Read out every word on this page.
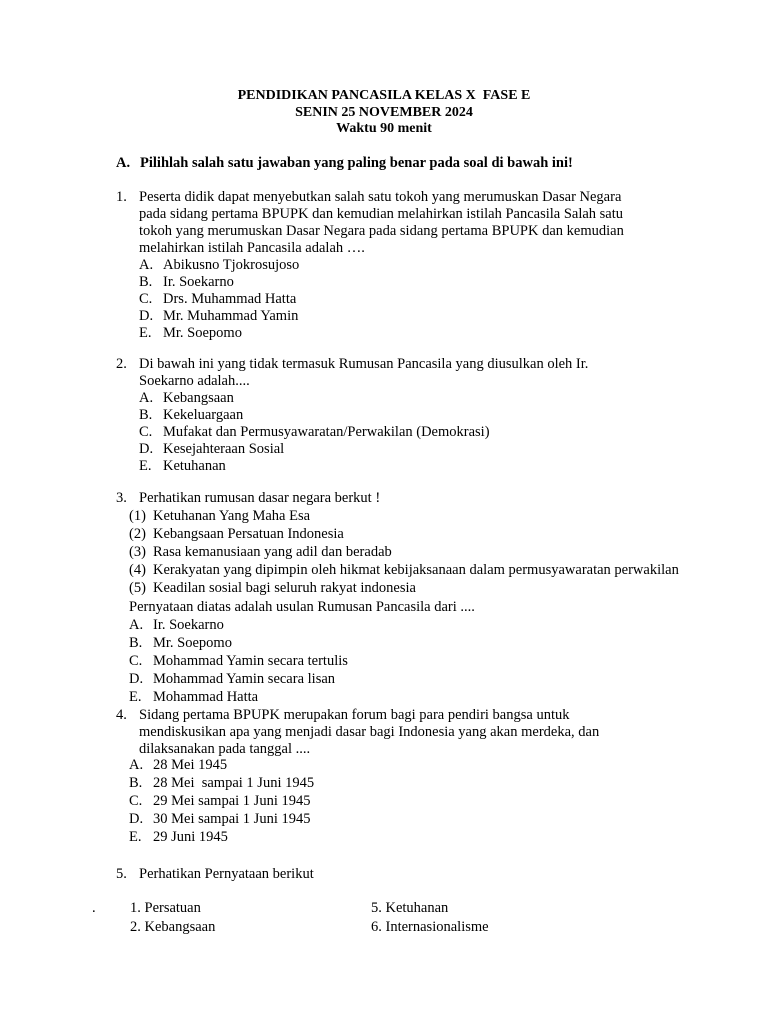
PENDIDIKAN PANCASILA KELAS X  FASE E
SENIN 25 NOVEMBER 2024
Waktu 90 menit
A. Pilihlah salah satu jawaban yang paling benar pada soal di bawah ini!
1. Peserta didik dapat menyebutkan salah satu tokoh yang merumuskan Dasar Negara
pada sidang pertama BPUPK dan kemudian melahirkan istilah Pancasila Salah satu
tokoh yang merumuskan Dasar Negara pada sidang pertama BPUPK dan kemudian
melahirkan istilah Pancasila adalah ….
A. Abikusno Tjokrosujoso
B. Ir. Soekarno
C. Drs. Muhammad Hatta
D. Mr. Muhammad Yamin
E. Mr. Soepomo
2. Di bawah ini yang tidak termasuk Rumusan Pancasila yang diusulkan oleh Ir.
Soekarno adalah....
A. Kebangsaan
B. Kekeluargaan
C. Mufakat dan Permusyawaratan/Perwakilan (Demokrasi)
D. Kesejahteraan Sosial
E. Ketuhanan
3. Perhatikan rumusan dasar negara berkut !
(1) Ketuhanan Yang Maha Esa
(2) Kebangsaan Persatuan Indonesia
(3) Rasa kemanusiaan yang adil dan beradab
(4) Kerakyatan yang dipimpin oleh hikmat kebijaksanaan dalam permusyawaratan perwakilan
(5) Keadilan sosial bagi seluruh rakyat indonesia
Pernyataan diatas adalah usulan Rumusan Pancasila dari ....
A. Ir. Soekarno
B. Mr. Soepomo
C. Mohammad Yamin secara tertulis
D. Mohammad Yamin secara lisan
E. Mohammad Hatta
4. Sidang pertama BPUPK merupakan forum bagi para pendiri bangsa untuk
mendiskusikan apa yang menjadi dasar bagi Indonesia yang akan merdeka, dan
dilaksanakan pada tanggal ....
A. 28 Mei 1945
B. 28 Mei  sampai 1 Juni 1945
C. 29 Mei sampai 1 Juni 1945
D. 30 Mei sampai 1 Juni 1945
E. 29 Juni 1945
5. Perhatikan Pernyataan berikut
. 1. Persatuan
2. Kebangsaan
5. Ketuhanan
6. Internasionalisme
